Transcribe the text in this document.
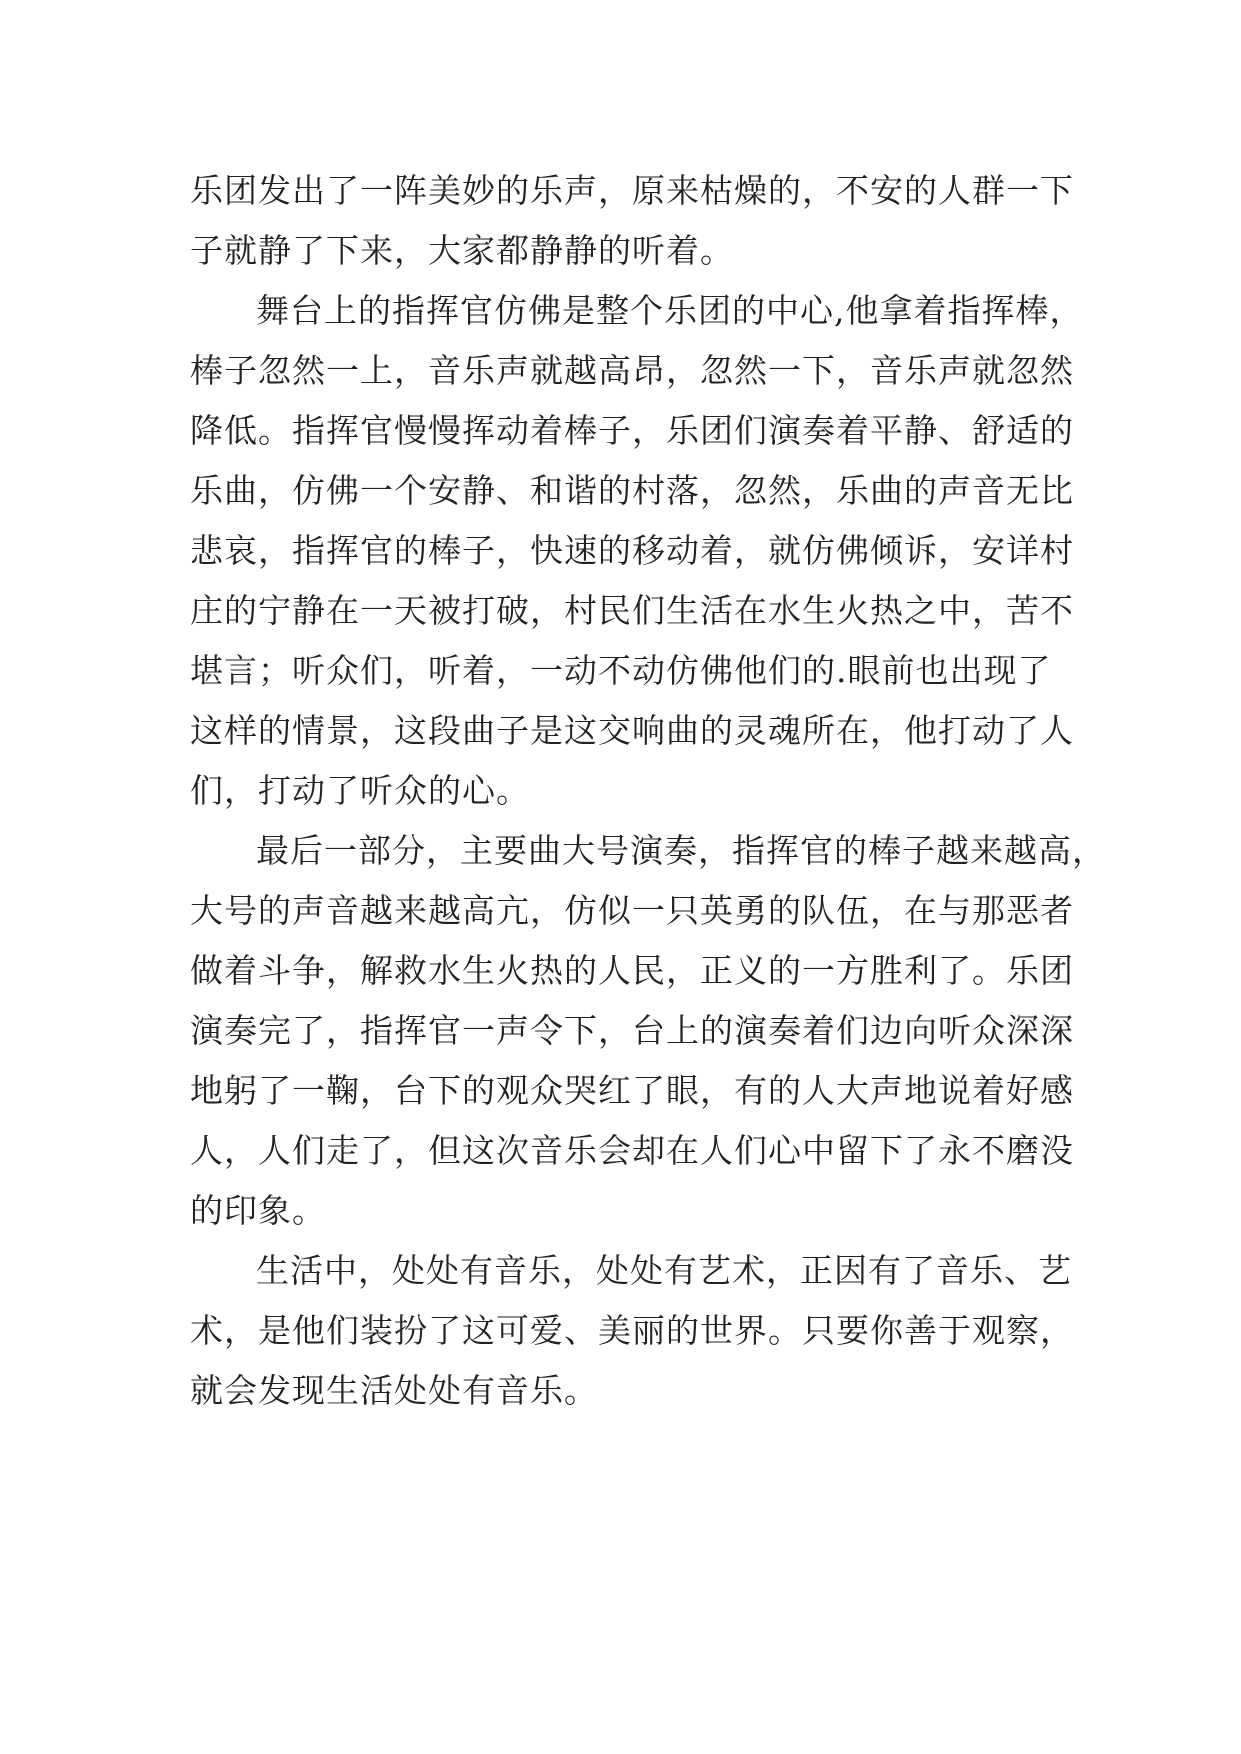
乐团发出了一阵美妙的乐声，原来枯燥的，不安的人群一下
子就静了下来，大家都静静的听着。
舞台上的指挥官仿佛是整个乐团的中心,他拿着指挥棒，
棒子忽然一上，音乐声就越高昂，忽然一下，音乐声就忽然
降低。指挥官慢慢挥动着棒子，乐团们演奏着平静、舒适的
乐曲，仿佛一个安静、和谐的村落，忽然，乐曲的声音无比
悲哀，指挥官的棒子，快速的移动着，就仿佛倾诉，安详村
庄的宁静在一天被打破，村民们生活在水生火热之中，苦不
堪言；听众们，听着，一动不动仿佛他们的.眼前也出现了
这样的情景，这段曲子是这交响曲的灵魂所在，他打动了人
们，打动了听众的心。
最后一部分，主要曲大号演奏，指挥官的棒子越来越高，
大号的声音越来越高亢，仿似一只英勇的队伍，在与那恶者
做着斗争，解救水生火热的人民，正义的一方胜利了。乐团
演奏完了，指挥官一声令下，台上的演奏着们边向听众深深
地躬了一鞠，台下的观众哭红了眼，有的人大声地说着好感
人，人们走了，但这次音乐会却在人们心中留下了永不磨没
的印象。
生活中，处处有音乐，处处有艺术，正因有了音乐、艺
术，是他们装扮了这可爱、美丽的世界。只要你善于观察，
就会发现生活处处有音乐。
